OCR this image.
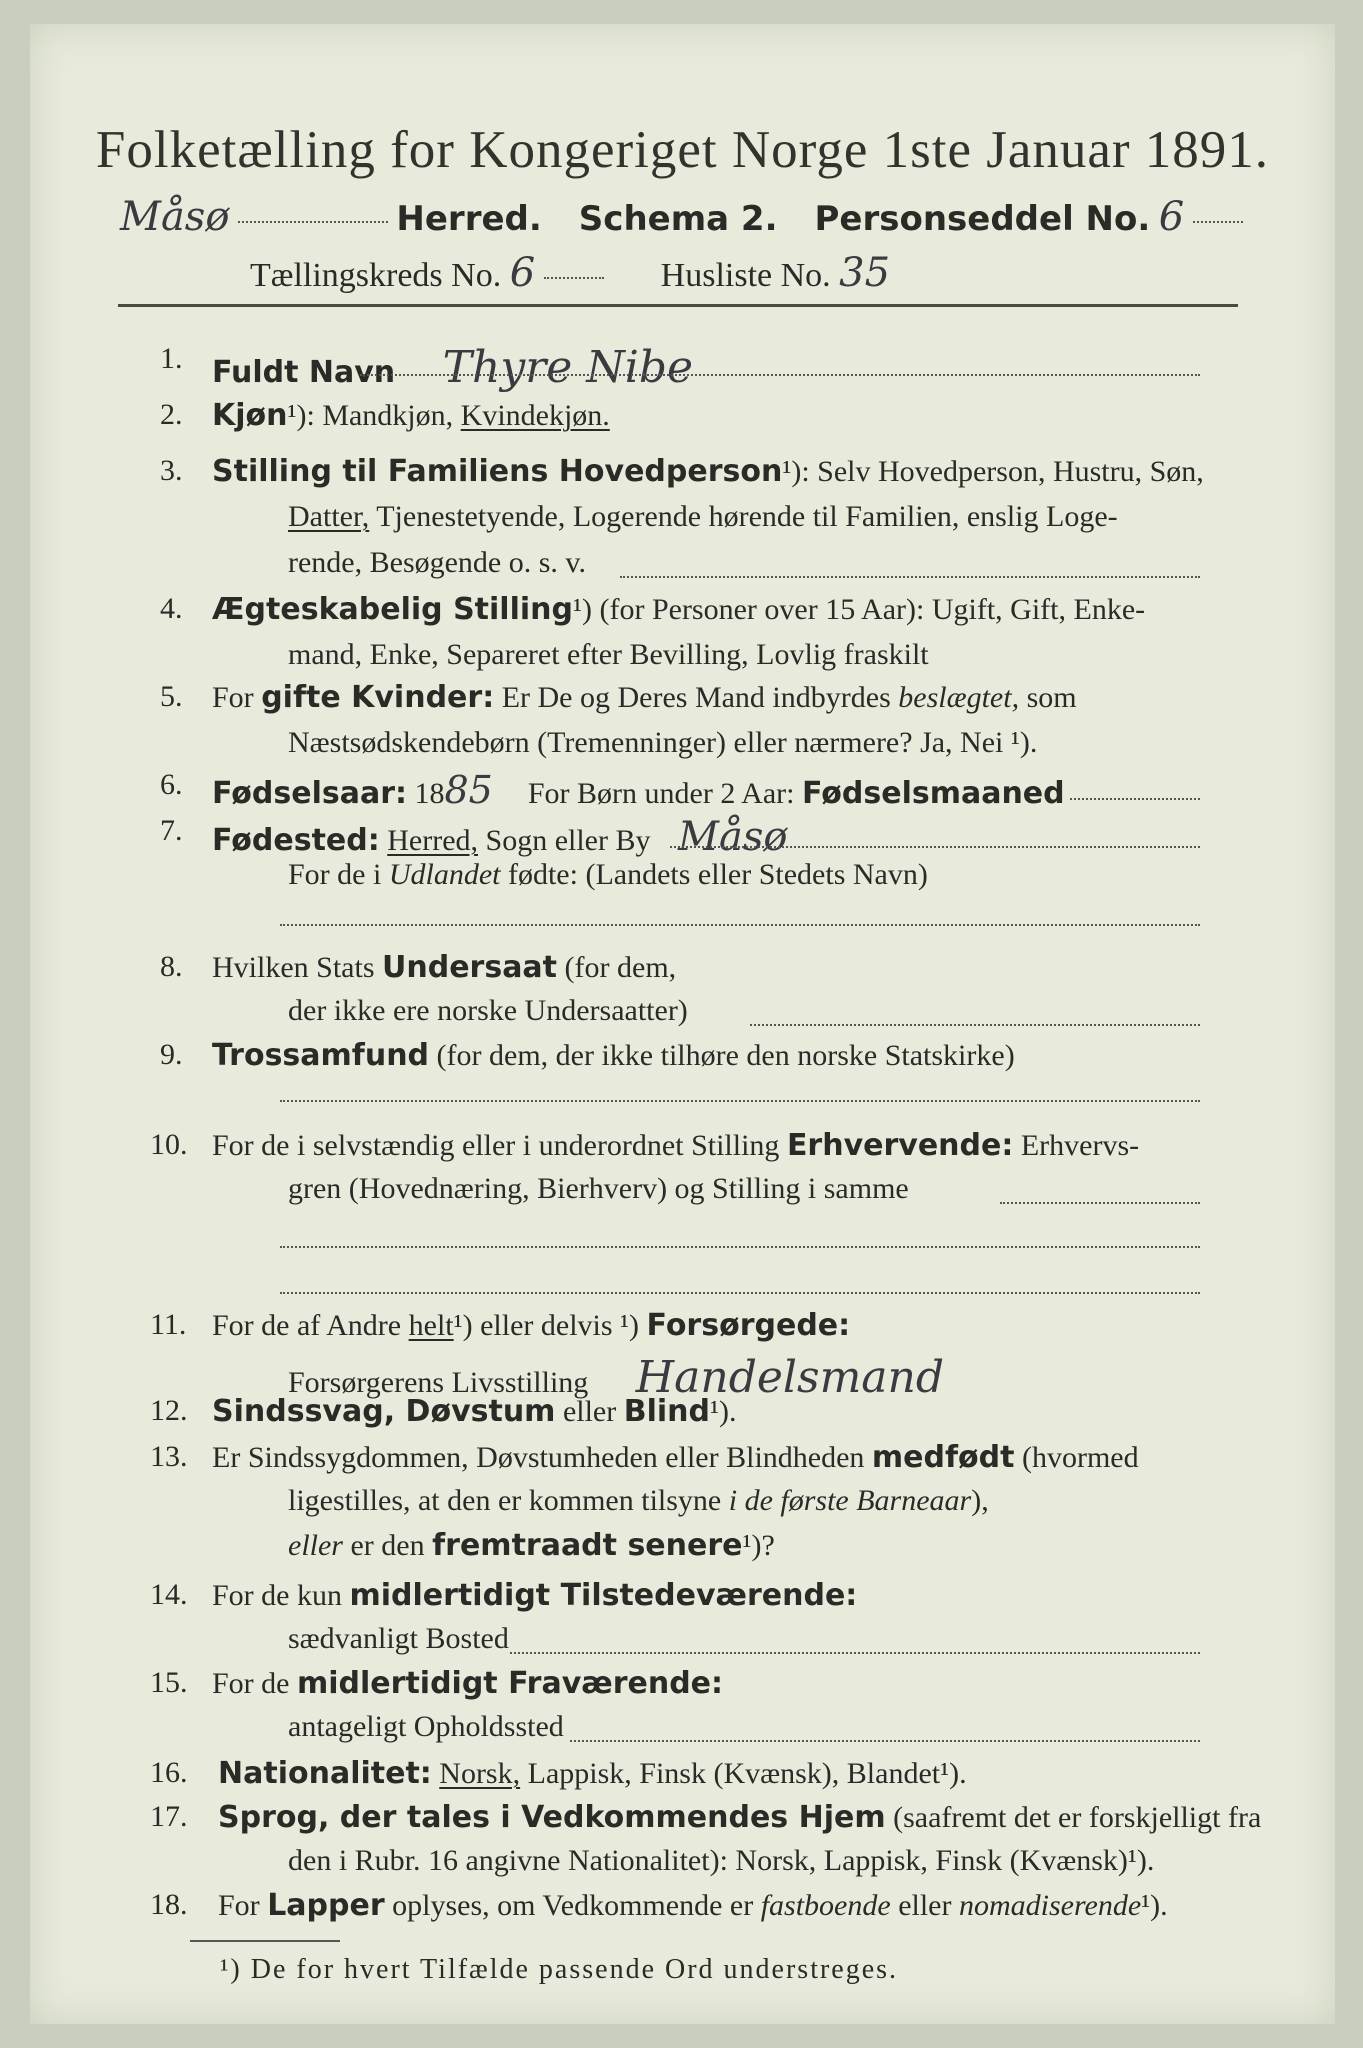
Folketælling for Kongeriget Norge 1ste Januar 1891.
Måsø	Herred. Schema 2. Personseddel No. 6
Tællingskreds No. 6	Husliste No. 35
1. Fuldt Navn Thyre Nibe
2. Kjøn¹): Mandkjøn, Kvindekjøn.
3. Stilling til Familiens Hovedperson¹): Selv Hovedperson, Hustru, Søn,
Datter, Tjenestetyende, Logerende hørende til Familien, enslig Loge-
rende, Besøgende o. s. v.
4. Ægteskabelig Stilling¹) (for Personer over 15 Aar): Ugift, Gift, Enke-
mand, Enke, Separeret efter Bevilling, Lovlig fraskilt
5. For gifte Kvinder: Er De og Deres Mand indbyrdes beslægtet, som
Næstsødskendebørn (Tremenninger) eller nærmere? Ja, Nei ¹).
6. Fødselsaar: 1885 For Børn under 2 Aar: Fødselsmaaned
7. Fødested: Herred, Sogn eller By Måsø
For de i Udlandet fødte: (Landets eller Stedets Navn)
8. Hvilken Stats Undersaat (for dem,
der ikke ere norske Undersaatter)
9. Trossamfund (for dem, der ikke tilhøre den norske Statskirke)
10. For de i selvstændig eller i underordnet Stilling Erhvervende: Erhvervs-
gren (Hovednæring, Bierhverv) og Stilling i samme
11. For de af Andre helt¹) eller delvis ¹) Forsørgede:
Forsørgerens Livsstilling Handelsmand
12. Sindssvag, Døvstum eller Blind¹).
13. Er Sindssygdommen, Døvstumheden eller Blindheden medfødt (hvormed
ligestilles, at den er kommen tilsyne i de første Barneaar),
eller er den fremtraadt senere¹)?
14. For de kun midlertidigt Tilstedeværende:
sædvanligt Bosted
15. For de midlertidigt Fraværende:
antageligt Opholdssted
16. Nationalitet: Norsk, Lappisk, Finsk (Kvænsk), Blandet¹).
17. Sprog, der tales i Vedkommendes Hjem (saafremt det er forskjelligt fra
den i Rubr. 16 angivne Nationalitet): Norsk, Lappisk, Finsk (Kvænsk)¹).
18. For Lapper oplyses, om Vedkommende er fastboende eller nomadiserende¹).
¹) De for hvert Tilfælde passende Ord understreges.
